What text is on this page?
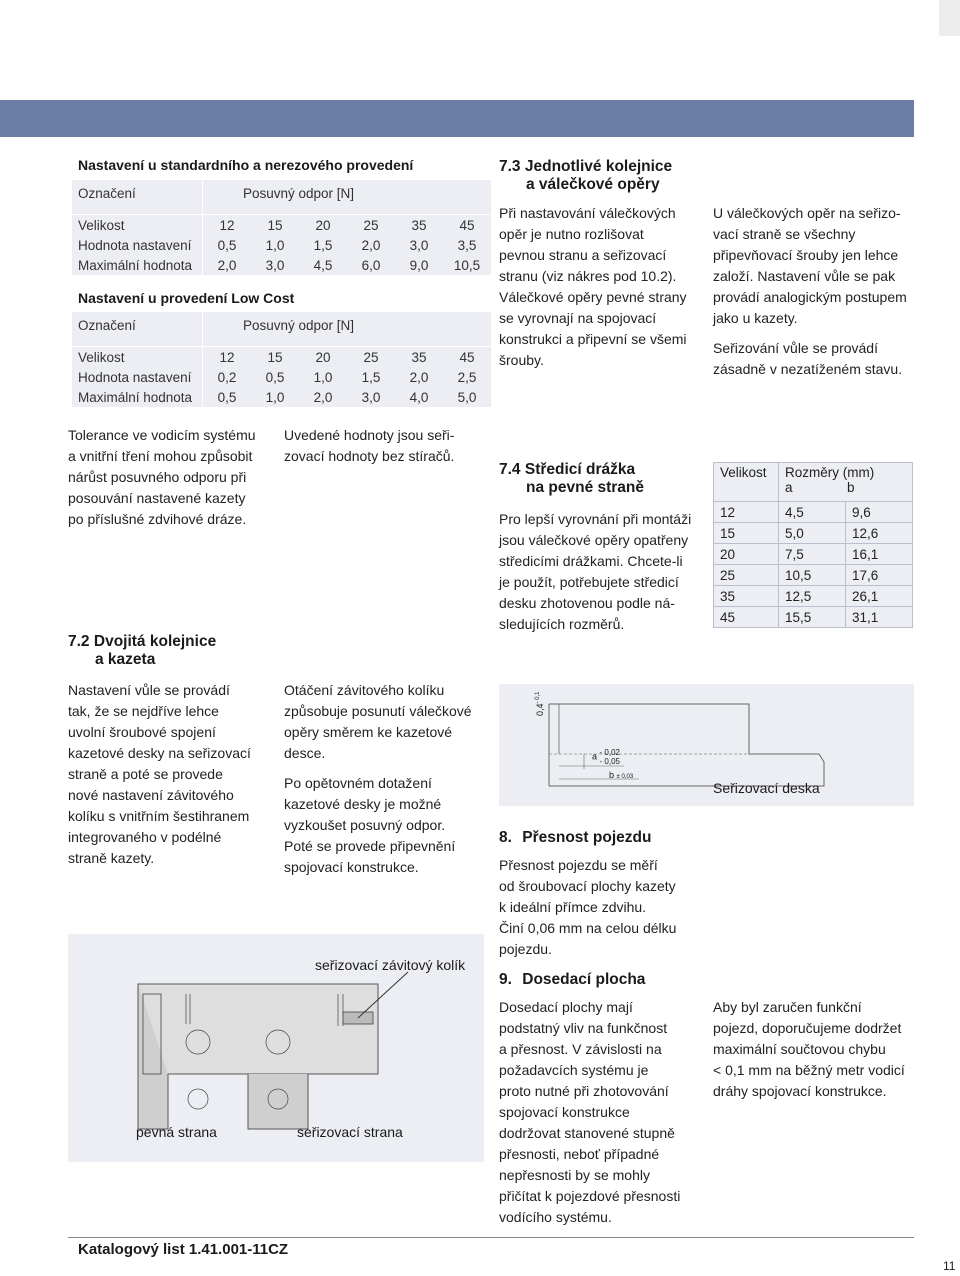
Nastavení u standardního a nerezového provedení
Označení	Posuvný odpor [N]					

Velikost	12	15	20	25	35	45
Hodnota nastavení	0,5	1,0	1,5	2,0	3,0	3,5
Maximální hodnota	2,0	3,0	4,5	6,0	9,0	10,5
Nastavení u provedení Low Cost
Označení	Posuvný odpor [N]					

Velikost	12	15	20	25	35	45
Hodnota nastavení	0,2	0,5	1,0	1,5	2,0	2,5
Maximální hodnota	0,5	1,0	2,0	3,0	4,0	5,0
Tolerance ve vodicím systému
a vnitřní tření mohou způsobit
nárůst posuvného odporu při
posouvání nastavené kazety
po příslušné zdvihové dráze.
Uvedené hodnoty jsou seři-
zovací hodnoty bez stíračů.
7.3 Jednotlivé kolejnice
a válečkové opěry
Při nastavování válečkových
opěr je nutno rozlišovat
pevnou stranu a seřizovací
stranu (viz nákres pod 10.2).
Válečkové opěry pevné strany
se vyrovnají na spojovací
konstrukci a připevní se všemi
šrouby.
U válečkových opěr na seřizo-
vací straně se všechny
připevňovací šrouby jen lehce
založí. Nastavení vůle se pak
provádí analogickým postupem
jako u kazety.
Seřizování vůle se provádí
zásadně v nezatíženém stavu.
7.4 Středicí drážka
na pevné straně
Pro lepší vyrovnání při montáži
jsou válečkové opěry opatřeny
středicími drážkami. Chcete-li
je použít, potřebujete středicí
desku zhotovenou podle ná-
sledujících rozměrů.
Velikost	Rozměry (mm)
a b	

12	4,5	9,6
15	5,0	12,6
20	7,5	16,1
25	10,5	17,6
35	12,5	26,1
45	15,5	31,1
$0,4^{- 0,1}$
a - 0,02
- 0,05
b ± 0,03
Seřizovací deska
7.2 Dvojitá kolejnice
a kazeta
Nastavení vůle se provádí
tak, že se nejdříve lehce
uvolní šroubové spojení
kazetové desky na seřizovací
straně a poté se provede
nové nastavení závitového
kolíku s vnitřním šestihranem
integrovaného v podélné
straně kazety.
Otáčení závitového kolíku
způsobuje posunutí válečkové
opěry směrem ke kazetové
desce.
Po opětovném dotažení
kazetové desky je možné
vyzkoušet posuvný odpor.
Poté se provede připevnění
spojovací konstrukce.
seřizovací závitový kolík
pevná strana	seřizovací strana
8. Přesnost pojezdu
Přesnost pojezdu se měří
od šroubovací plochy kazety
k ideální přímce zdvihu.
Činí 0,06 mm na celou délku
pojezdu.
9. Dosedací plocha
Dosedací plochy mají
podstatný vliv na funkčnost
a přesnost. V závislosti na
požadavcích systému je
proto nutné při zhotovování
spojovací konstrukce
dodržovat stanovené stupně
přesnosti, neboť případné
nepřesnosti by se mohly
přičítat k pojezdové přesnosti
vodícího systému.
Aby byl zaručen funkční
pojezd, doporučujeme dodržet
maximální součtovou chybu
< 0,1 mm na běžný metr vodicí
dráhy spojovací konstrukce.
Katalogový list 1.41.001-11CZ
11
